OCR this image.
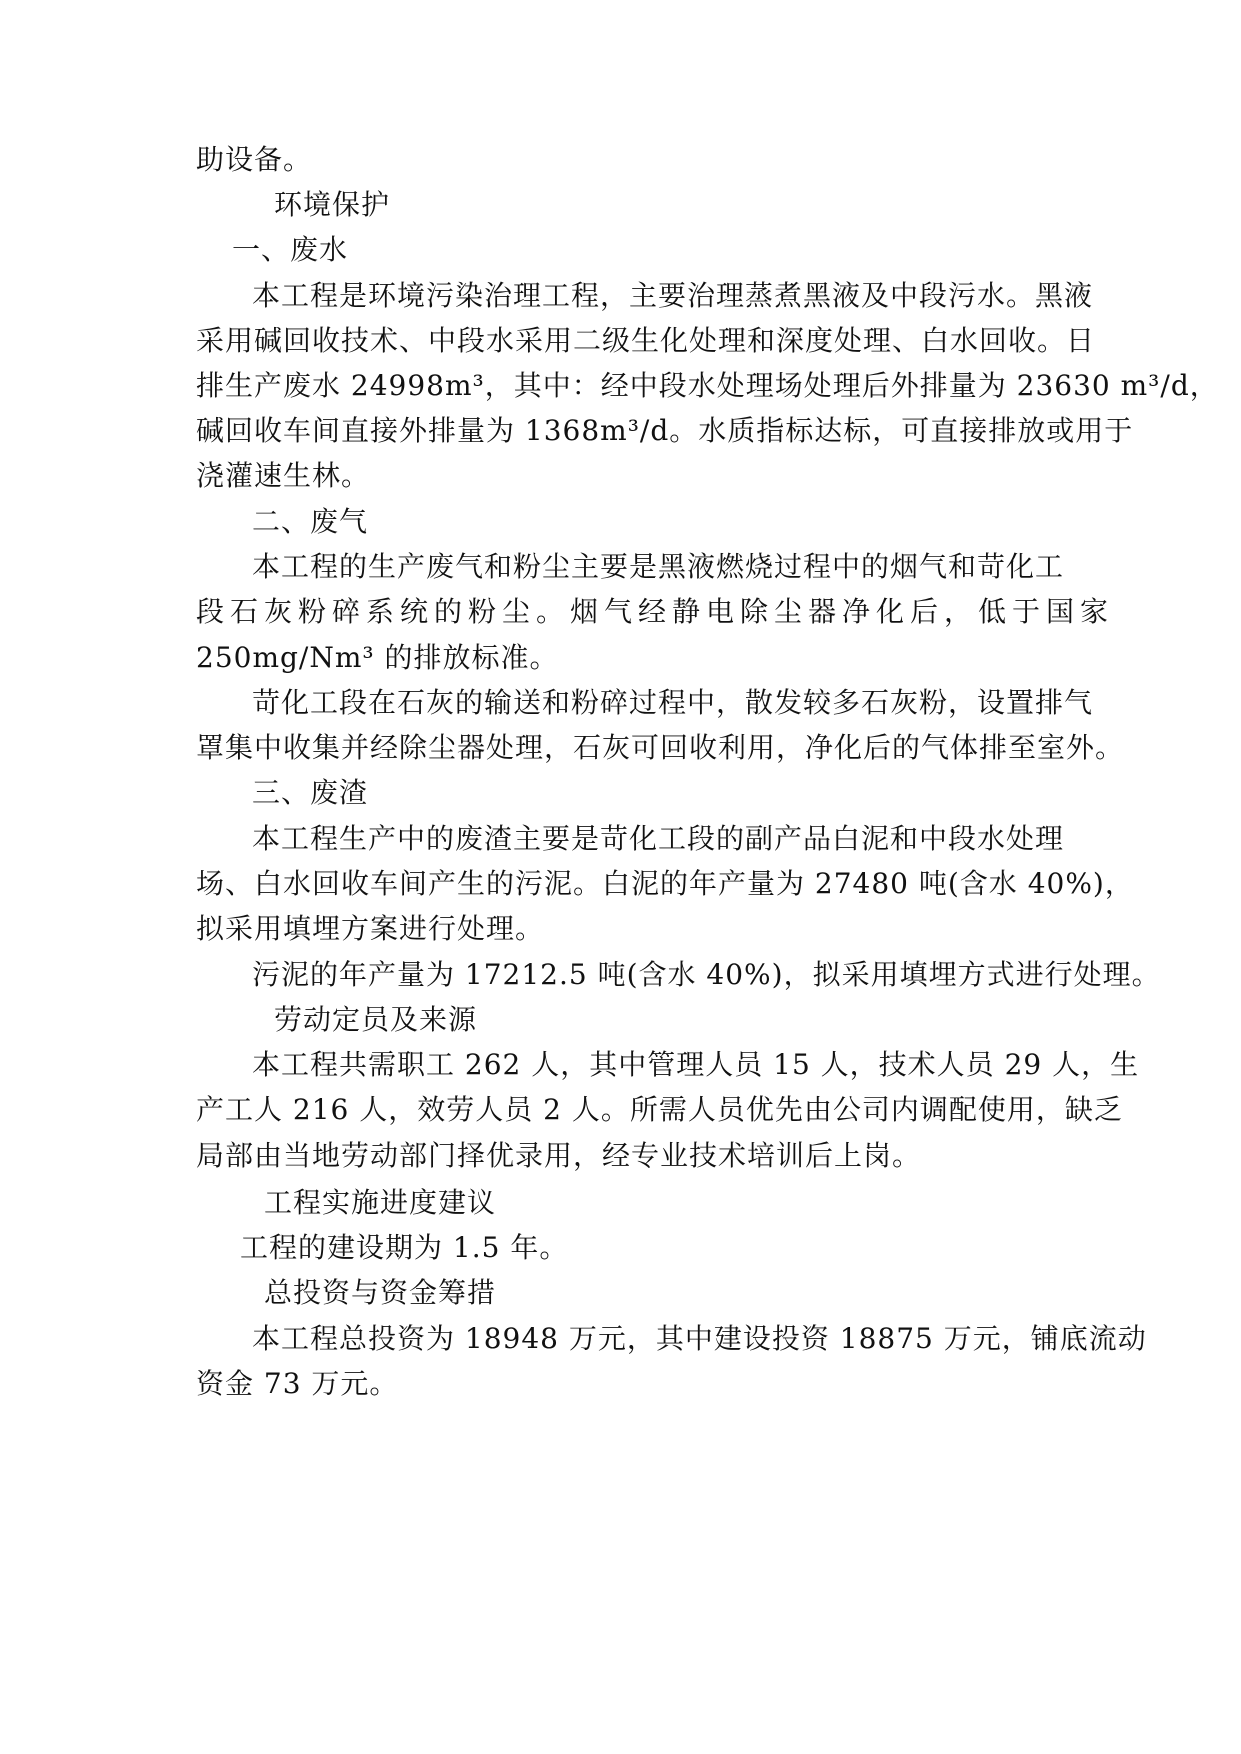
助设备。
环境保护
一、废水
本工程是环境污染治理工程，主要治理蒸煮黑液及中段污水。黑液
采用碱回收技术、中段水采用二级生化处理和深度处理、白水回收。日
排生产废水 24998m³，其中：经中段水处理场处理后外排量为 23630 m³/d，
碱回收车间直接外排量为 1368m³/d。水质指标达标，可直接排放或用于
浇灌速生林。
二、废气
本工程的生产废气和粉尘主要是黑液燃烧过程中的烟气和苛化工
段石灰粉碎系统的粉尘。烟气经静电除尘器净化后，低于国家
250mg/Nm³ 的排放标准。
苛化工段在石灰的输送和粉碎过程中，散发较多石灰粉，设置排气
罩集中收集并经除尘器处理，石灰可回收利用，净化后的气体排至室外。
三、废渣
本工程生产中的废渣主要是苛化工段的副产品白泥和中段水处理
场、白水回收车间产生的污泥。白泥的年产量为 27480 吨(含水 40%)，
拟采用填埋方案进行处理。
污泥的年产量为 17212.5 吨(含水 40%)，拟采用填埋方式进行处理。
劳动定员及来源
本工程共需职工 262 人，其中管理人员 15 人，技术人员 29 人，生
产工人 216 人，效劳人员 2 人。所需人员优先由公司内调配使用，缺乏
局部由当地劳动部门择优录用，经专业技术培训后上岗。
工程实施进度建议
工程的建设期为 1.5 年。
总投资与资金筹措
本工程总投资为 18948 万元，其中建设投资 18875 万元，铺底流动
资金 73 万元。
